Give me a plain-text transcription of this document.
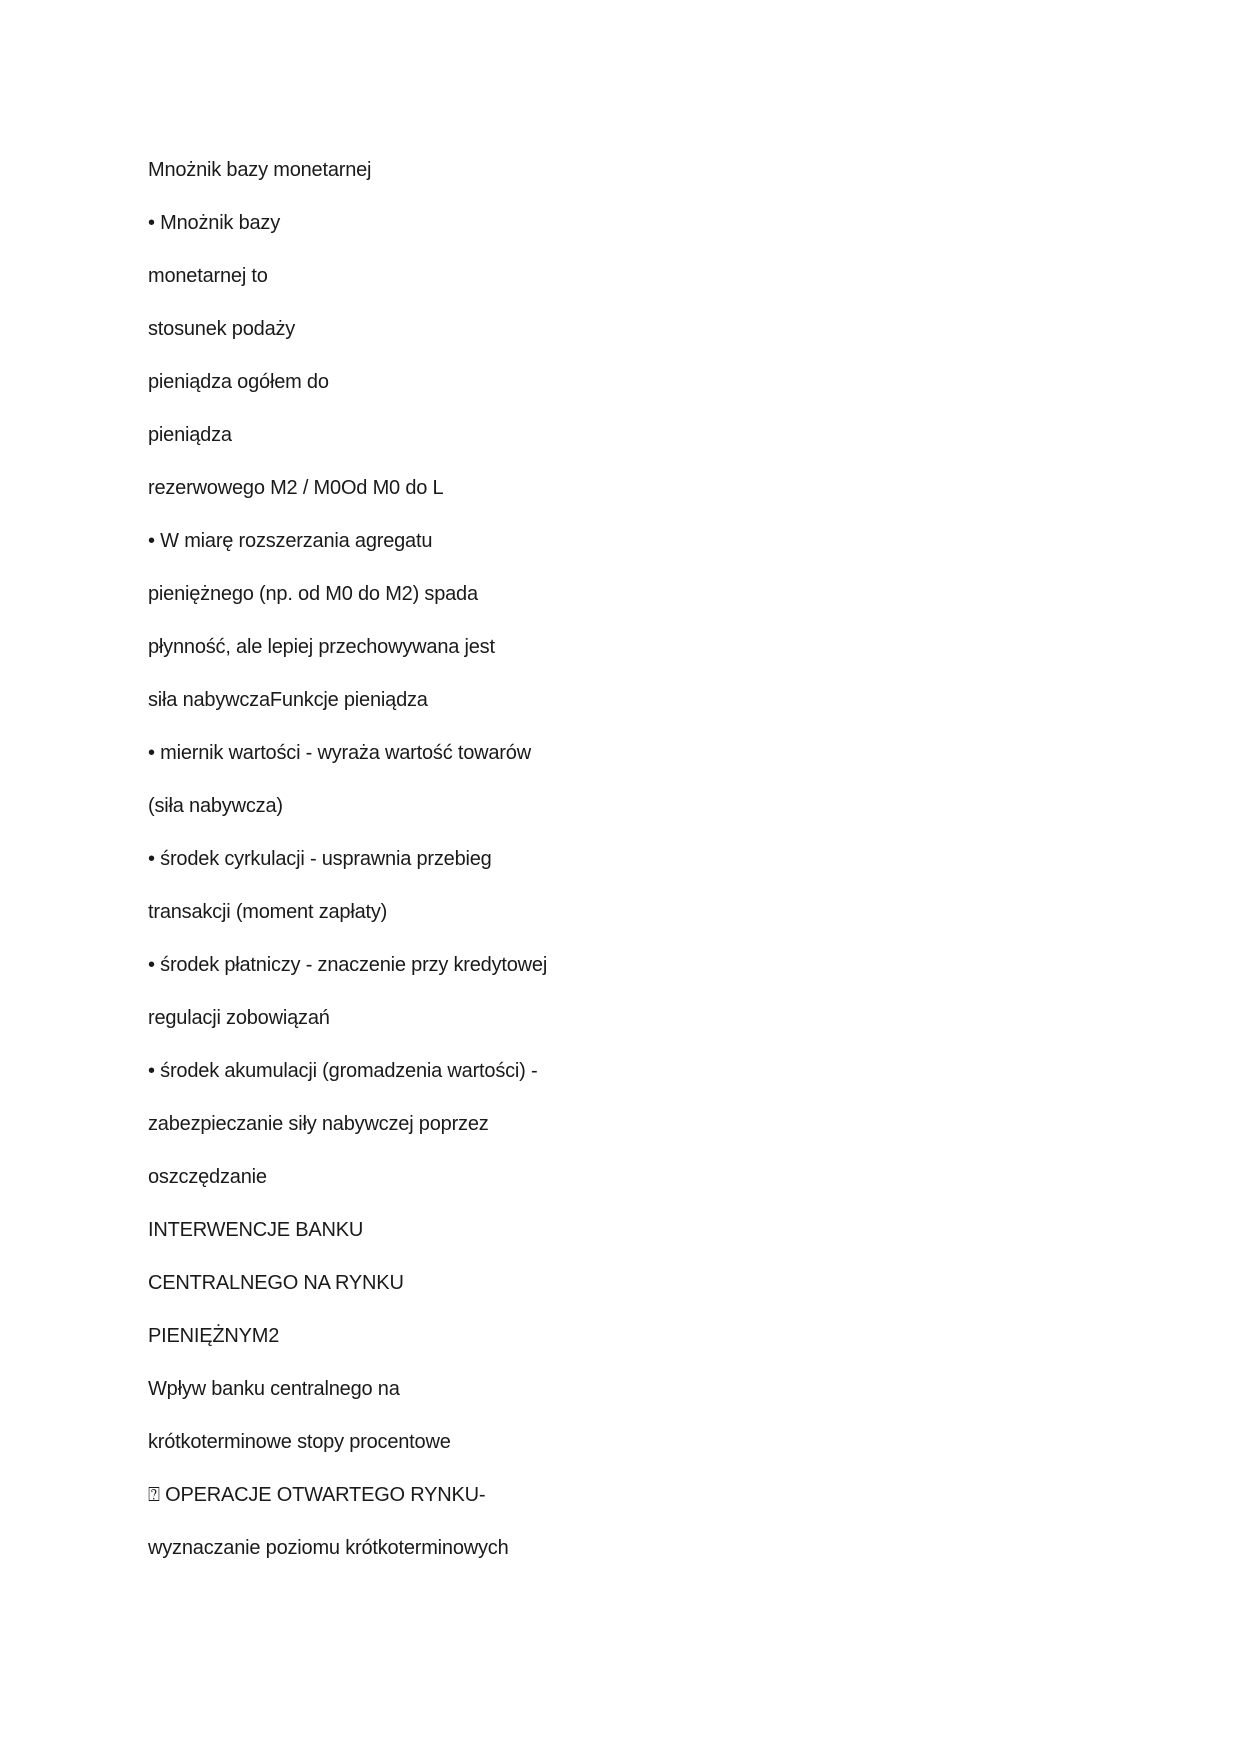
Mnożnik bazy monetarnej
• Mnożnik bazy
monetarnej to
stosunek podaży
pieniądza ogółem do
pieniądza
rezerwowego M2 / M0Od M0 do L
• W miarę rozszerzania agregatu
pieniężnego (np. od M0 do M2) spada
płynność, ale lepiej przechowywana jest
siła nabywczaFunkcje pieniądza
• miernik wartości - wyraża wartość towarów
(siła nabywcza)
• środek cyrkulacji - usprawnia przebieg
transakcji (moment zapłaty)
• środek płatniczy - znaczenie przy kredytowej
regulacji zobowiązań
• środek akumulacji (gromadzenia wartości) -
zabezpieczanie siły nabywczej poprzez
oszczędzanie
INTERWENCJE BANKU
CENTRALNEGO NA RYNKU
PIENIĘŻNYM2
Wpływ banku centralnego na
krótkoterminowe stopy procentowe
⍰ OPERACJE OTWARTEGO RYNKU-
wyznaczanie poziomu krótkoterminowych
